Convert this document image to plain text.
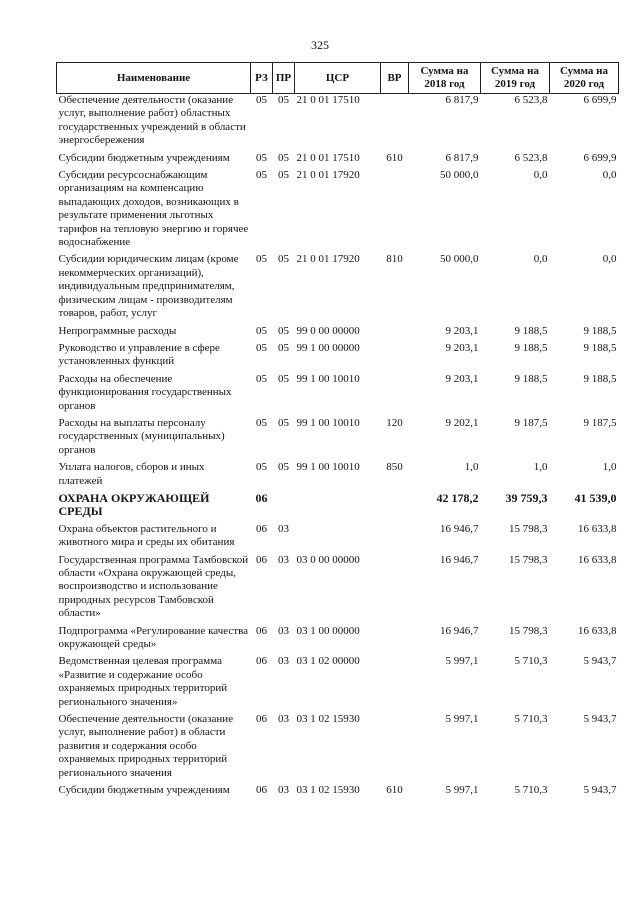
325
Наименование	РЗ	ПР	ЦСР	ВР	Сумма на 2018 год	Сумма на 2019 год	Сумма на 2020 год
Обеспечение деятельности (оказание услуг, выполнение работ) областных государственных учреждений в области энергосбережения	05	05	21 0 01 17510		6 817,9	6 523,8	6 699,9
Субсидии бюджетным учреждениям	05	05	21 0 01 17510	610	6 817,9	6 523,8	6 699,9
Субсидии ресурсоснабжающим организациям на компенсацию выпадающих доходов, возникающих в результате применения льготных тарифов на тепловую энергию и горячее водоснабжение	05	05	21 0 01 17920		50 000,0	0,0	0,0
Субсидии юридическим лицам (кроме некоммерческих организаций), индивидуальным предпринимателям, физическим лицам - производителям товаров, работ, услуг	05	05	21 0 01 17920	810	50 000,0	0,0	0,0
Непрограммные расходы	05	05	99 0 00 00000		9 203,1	9 188,5	9 188,5
Руководство и управление в сфере установленных функций	05	05	99 1 00 00000		9 203,1	9 188,5	9 188,5
Расходы на обеспечение функционирования государственных органов	05	05	99 1 00 10010		9 203,1	9 188,5	9 188,5
Расходы на выплаты персоналу государственных (муниципальных) органов	05	05	99 1 00 10010	120	9 202,1	9 187,5	9 187,5
Уплата налогов, сборов и иных платежей	05	05	99 1 00 10010	850	1,0	1,0	1,0
ОХРАНА ОКРУЖАЮЩЕЙ СРЕДЫ	06				42 178,2	39 759,3	41 539,0
Охрана объектов растительного и животного мира и среды их обитания	06	03			16 946,7	15 798,3	16 633,8
Государственная программа Тамбовской области «Охрана окружающей среды, воспроизводство и использование природных ресурсов Тамбовской области»	06	03	03 0 00 00000		16 946,7	15 798,3	16 633,8
Подпрограмма «Регулирование качества окружающей среды»	06	03	03 1 00 00000		16 946,7	15 798,3	16 633,8
Ведомственная целевая программа «Развитие и содержание особо охраняемых природных территорий регионального значения»	06	03	03 1 02 00000		5 997,1	5 710,3	5 943,7
Обеспечение деятельности (оказание услуг, выполнение работ) в области развития и содержания особо охраняемых природных территорий регионального значения	06	03	03 1 02 15930		5 997,1	5 710,3	5 943,7
Субсидии бюджетным учреждениям	06	03	03 1 02 15930	610	5 997,1	5 710,3	5 943,7
